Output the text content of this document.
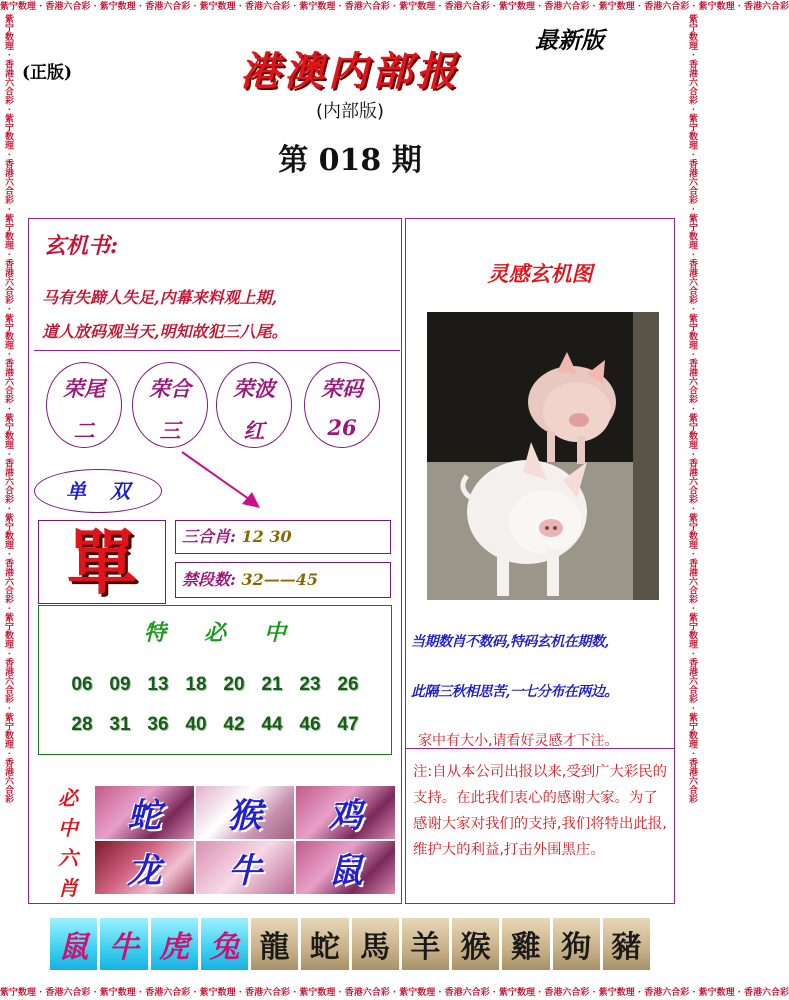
紫宁数理 · 香港六合彩 · 紫宁数理 · 香港六合彩 · 紫宁数理 · 香港六合彩 · 紫宁数理 · 香港六合彩 · 紫宁数理 · 香港六合彩 · 紫宁数理 · 香港六合彩 · 紫宁数理 · 香港六合彩 · 紫宁数理 · 香港六合彩
紫宁数理 · 香港六合彩 · 紫宁数理 · 香港六合彩 · 紫宁数理 · 香港六合彩 · 紫宁数理 · 香港六合彩 · 紫宁数理 · 香港六合彩 · 紫宁数理 · 香港六合彩 · 紫宁数理 · 香港六合彩 · 紫宁数理 · 香港六合彩
紫宁数理 · 香港六合彩 · 紫宁数理 · 香港六合彩 · 紫宁数理 · 香港六合彩 · 紫宁数理 · 香港六合彩 · 紫宁数理 · 香港六合彩 · 紫宁数理 · 香港六合彩 · 紫宁数理 · 香港六合彩 · 紫宁数理 · 香港六合彩	紫宁数理 · 香港六合彩 · 紫宁数理 · 香港六合彩 · 紫宁数理 · 香港六合彩 · 紫宁数理 · 香港六合彩 · 紫宁数理 · 香港六合彩 · 紫宁数理 · 香港六合彩 · 紫宁数理 · 香港六合彩 · 紫宁数理 · 香港六合彩
(正版)
最新版
港澳内部报
(内部版)
第 018 期
玄机书:
马有失蹄人失足,内幕来料观上期,
道人放码观当天,明知故犯三八尾。
荣尾
二
荣合
三
荣波
红
荣码
26
单双
單	三合肖: 12 30
禁段数: 32——45
特必中
06 09 13 18 20 21 23 26
28 31 36 40 42 44 46 47
必
中
六
肖
蛇 猴 鸡
龙 牛 鼠
灵感玄机图
当期数肖不数码,特码玄机在期数,
此隔三秋相思苦,一七分布在两边。
家中有大小,请看好灵感才下注。
注:自从本公司出报以来,受到广大彩民的支持。在此我们衷心的感谢大家。为了感谢大家对我们的支持,我们将特出此报,维护大的利益,打击外围黑庄。
鼠 牛 虎 兔 龍 蛇 馬 羊 猴 雞 狗 豬
